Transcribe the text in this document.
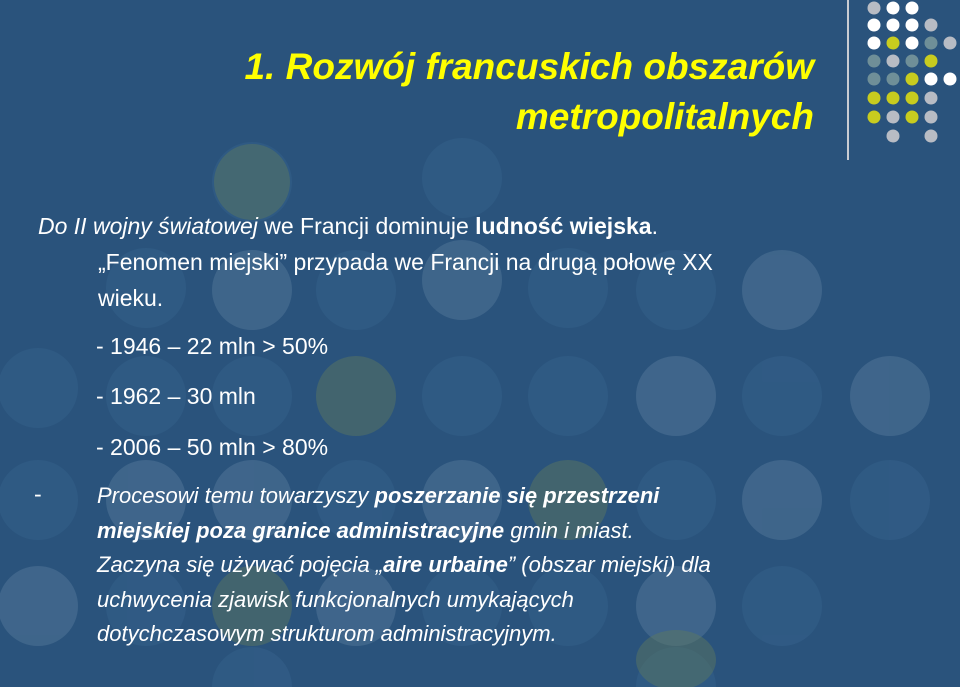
1. Rozwój francuskich obszarów
metropolitalnych

Do II wojny światowej we Francji dominuje ludność wiejska.
„Fenomen miejski” przypada we Francji na drugą połowę XX
wieku.

- 1946 – 22 mln > 50%

- 1962 – 30 mln

- 2006 – 50 mln > 80%

-	Procesowi temu towarzyszy poszerzanie się przestrzeni
miejskiej poza granice administracyjne gmin i miast.
Zaczyna się używać pojęcia „aire urbaine” (obszar miejski) dla
uchwycenia zjawisk funkcjonalnych umykających
dotychczasowym strukturom administracyjnym.
